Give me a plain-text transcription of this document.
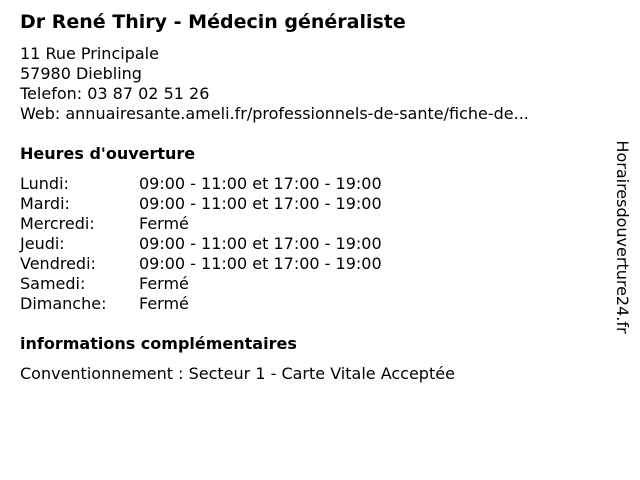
Dr René Thiry - Médecin généraliste
11 Rue Principale
57980 Diebling
Telefon: 03 87 02 51 26
Web: annuairesante.ameli.fr/professionnels-de-sante/fiche-de...
Heures d'ouverture
Lundi:	09:00 - 11:00 et 17:00 - 19:00
Mardi:	09:00 - 11:00 et 17:00 - 19:00
Mercredi:	Fermé
Jeudi:	09:00 - 11:00 et 17:00 - 19:00
Vendredi:	09:00 - 11:00 et 17:00 - 19:00
Samedi:	Fermé
Dimanche:	Fermé
informations complémentaires
Conventionnement : Secteur 1 - Carte Vitale Acceptée
Horairesdouverture24.fr
